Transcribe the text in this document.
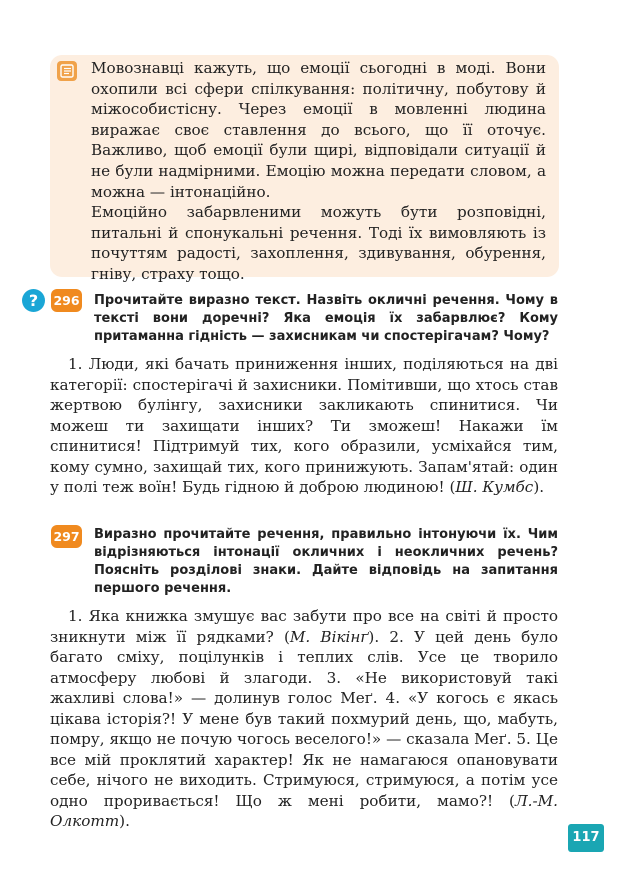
Мовознавці кажуть, що емоції сьогодні в моді. Вони охопили всі сфери спілкування: політичну, побутову й міжособистісну. Через емоції в мовленні людина виражає своє ставлення до всього, що її оточує. Важливо, щоб емоції були щирі, відповідали ситуації й не були надмірними. Емоцію можна передати словом, а можна — інтонаційно.

Емоційно забарвленими можуть бути розповідні, питальні й спонукальні речення. Тоді їх вимовляють із почуттям радості, захоплення, здивування, обурення, гніву, страху тощо.

?	296 Прочитайте виразно текст. Назвіть окличні речення. Чому в тексті вони доречні? Яка емоція їх забарвлює? Кому притаманна гідність — захисникам чи спостерігачам? Чому?

1. Люди, які бачать приниження інших, поділяються на дві категорії: спостерігачі й захисники. Помітивши, що хтось став жертвою булінгу, захисники закликають спинитися. Чи можеш ти захищати інших? Ти зможеш! Накажи їм спинитися! Підтримуй тих, кого образили, усміхайся тим, кому сумно, захищай тих, кого принижують. Запам'ятай: один у полі теж воїн! Будь гідною й доброю людиною! (Ш. Кумбс).

297 Виразно прочитайте речення, правильно інтонуючи їх. Чим відрізняються інтонації окличних і неокличних речень? Поясніть розділові знаки. Дайте відповідь на запитання першого речення.

1. Яка книжка змушує вас забути про все на світі й просто зникнути між її рядками? (М. Вікінґ). 2. У цей день було багато сміху, поцілунків і теплих слів. Усе це творило атмосферу любові й злагоди. 3. «Не використовуй такі жахливі слова!» — долинув голос Меґ. 4. «У когось є якась цікава історія?! У мене був такий похмурий день, що, мабуть, помру, якщо не почую чогось веселого!» — сказала Меґ. 5. Це все мій проклятий характер! Як не намагаюся опановувати себе, нічого не виходить. Стримуюся, стримуюся, а потім усе одно проривається! Що ж мені робити, мамо?! (Л.-М. Олкотт).

117
